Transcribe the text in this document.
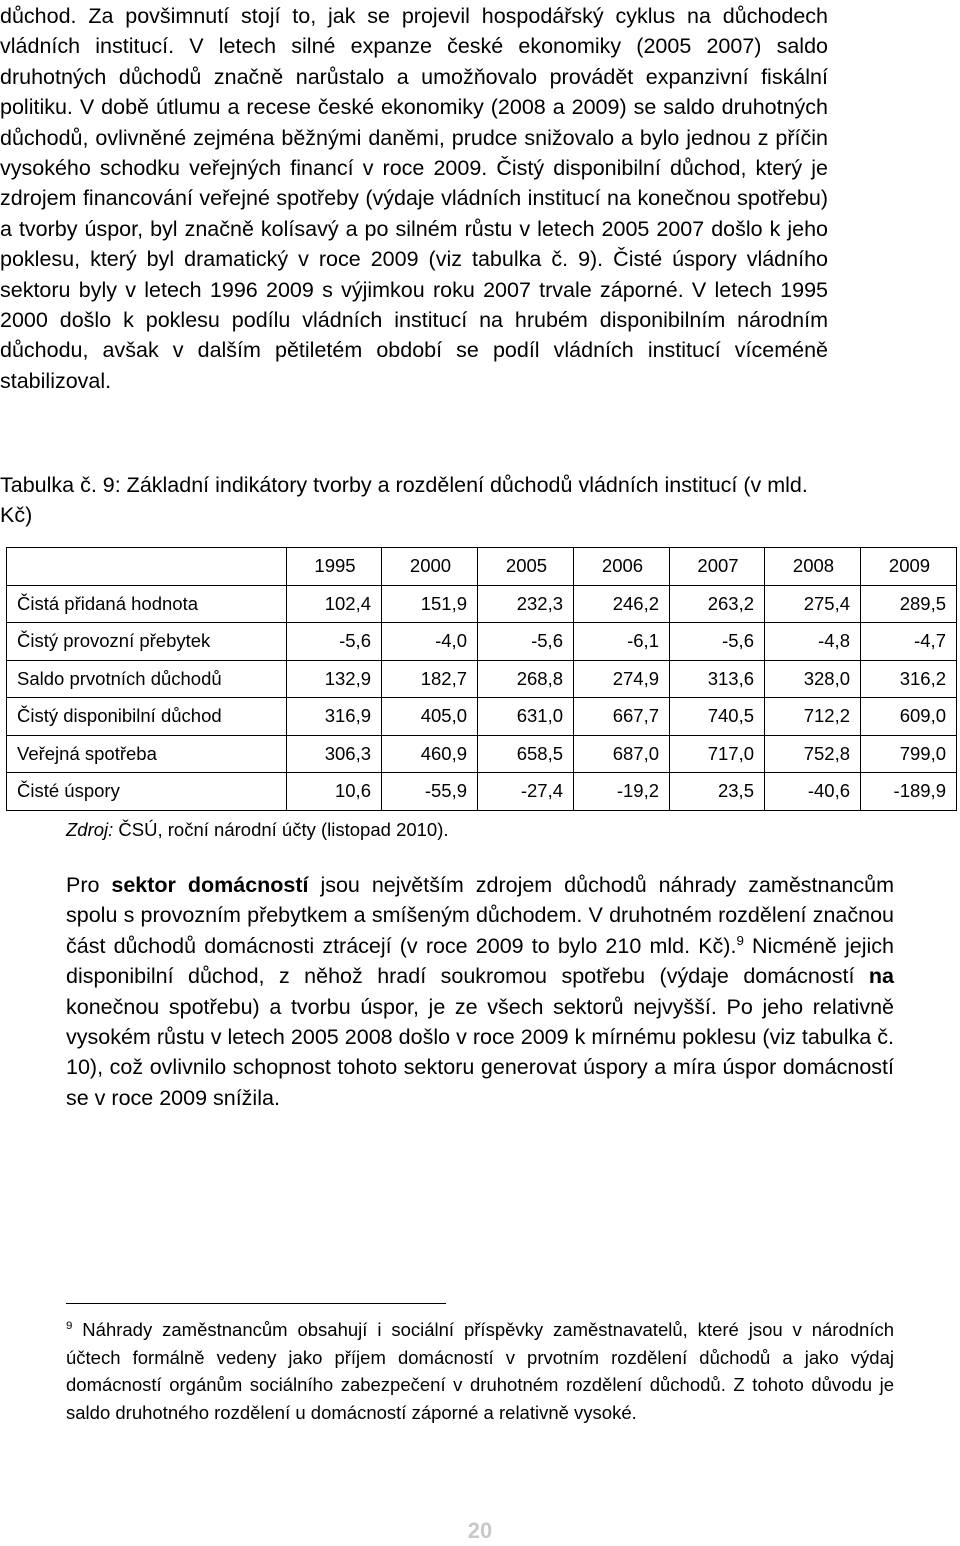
důchod. Za povšimnutí stojí to, jak se projevil hospodářský cyklus na důchodech vládních institucí. V letech silné expanze české ekonomiky (2005 2007) saldo druhotných důchodů značně narůstalo a umožňovalo provádět expanzivní fiskální politiku. V době útlumu a recese české ekonomiky (2008 a 2009) se saldo druhotných důchodů, ovlivněné zejména běžnými daněmi, prudce snižovalo a bylo jednou z příčin vysokého schodku veřejných financí v roce 2009. Čistý disponibilní důchod, který je zdrojem financování veřejné spotřeby (výdaje vládních institucí na konečnou spotřebu) a tvorby úspor, byl značně kolísavý a po silném růstu v letech 2005 2007 došlo k jeho poklesu, který byl dramatický v roce 2009 (viz tabulka č. 9). Čisté úspory vládního sektoru byly v letech 1996 2009 s výjimkou roku 2007 trvale záporné. V letech 1995 2000 došlo k poklesu podílu vládních institucí na hrubém disponibilním národním důchodu, avšak v dalším pětiletém období se podíl vládních institucí víceméně stabilizoval.

Tabulka č. 9: Základní indikátory tvorby a rozdělení důchodů vládních institucí (v mld. Kč)

	1995	2000	2005	2006	2007	2008	2009
Čistá přidaná hodnota	102,4	151,9	232,3	246,2	263,2	275,4	289,5
Čistý provozní přebytek	-5,6	-4,0	-5,6	-6,1	-5,6	-4,8	-4,7
Saldo prvotních důchodů	132,9	182,7	268,8	274,9	313,6	328,0	316,2
Čistý disponibilní důchod	316,9	405,0	631,0	667,7	740,5	712,2	609,0
Veřejná spotřeba	306,3	460,9	658,5	687,0	717,0	752,8	799,0
Čisté úspory	10,6	-55,9	-27,4	-19,2	23,5	-40,6	-189,9
Zdroj: ČSÚ, roční národní účty (listopad 2010).

Pro sektor domácností jsou největším zdrojem důchodů náhrady zaměstnancům spolu s provozním přebytkem a smíšeným důchodem. V druhotném rozdělení značnou část důchodů domácnosti ztrácejí (v roce 2009 to bylo 210 mld. Kč).$^9$ Nicméně jejich disponibilní důchod, z něhož hradí soukromou spotřebu (výdaje domácností na konečnou spotřebu) a tvorbu úspor, je ze všech sektorů nejvyšší. Po jeho relativně vysokém růstu v letech 2005 2008 došlo v roce 2009 k mírnému poklesu (viz tabulka č. 10), což ovlivnilo schopnost tohoto sektoru generovat úspory a míra úspor domácností se v roce 2009 snížila.

$^9$ Náhrady zaměstnancům obsahují i sociální příspěvky zaměstnavatelů, které jsou v národních účtech formálně vedeny jako příjem domácností v prvotním rozdělení důchodů a jako výdaj domácností orgánům sociálního zabezpečení v druhotném rozdělení důchodů. Z tohoto důvodu je saldo druhotného rozdělení u domácností záporné a relativně vysoké.

20
